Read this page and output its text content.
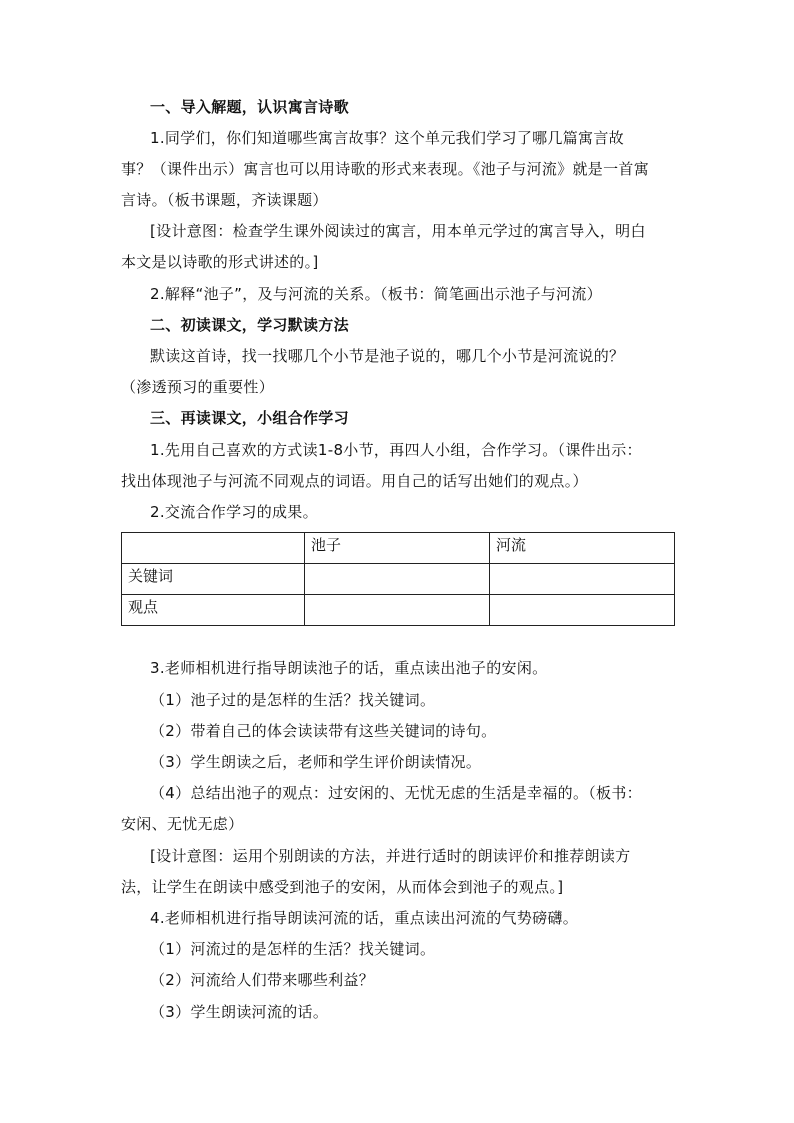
一、导入解题，认识寓言诗歌
1.同学们，你们知道哪些寓言故事？这个单元我们学习了哪几篇寓言故
事？（课件出示）寓言也可以用诗歌的形式来表现。《池子与河流》就是一首寓
言诗。（板书课题，齐读课题）
[设计意图：检查学生课外阅读过的寓言，用本单元学过的寓言导入，明白
本文是以诗歌的形式讲述的。]
2.解释“池子”，及与河流的关系。（板书：简笔画出示池子与河流）
二、初读课文，学习默读方法
默读这首诗，找一找哪几个小节是池子说的，哪几个小节是河流说的？
（渗透预习的重要性）
三、再读课文，小组合作学习
1.先用自己喜欢的方式读1-8小节，再四人小组，合作学习。（课件出示：
找出体现池子与河流不同观点的词语。用自己的话写出她们的观点。）
2.交流合作学习的成果。
	池子	河流
关键词		
观点		
3.老师相机进行指导朗读池子的话，重点读出池子的安闲。
（1）池子过的是怎样的生活？找关键词。
（2）带着自己的体会读读带有这些关键词的诗句。
（3）学生朗读之后，老师和学生评价朗读情况。
（4）总结出池子的观点：过安闲的、无忧无虑的生活是幸福的。（板书：
安闲、无忧无虑）
[设计意图：运用个别朗读的方法，并进行适时的朗读评价和推荐朗读方
法，让学生在朗读中感受到池子的安闲，从而体会到池子的观点。]
4.老师相机进行指导朗读河流的话，重点读出河流的气势磅礴。
（1）河流过的是怎样的生活？找关键词。
（2）河流给人们带来哪些利益？
（3）学生朗读河流的话。
